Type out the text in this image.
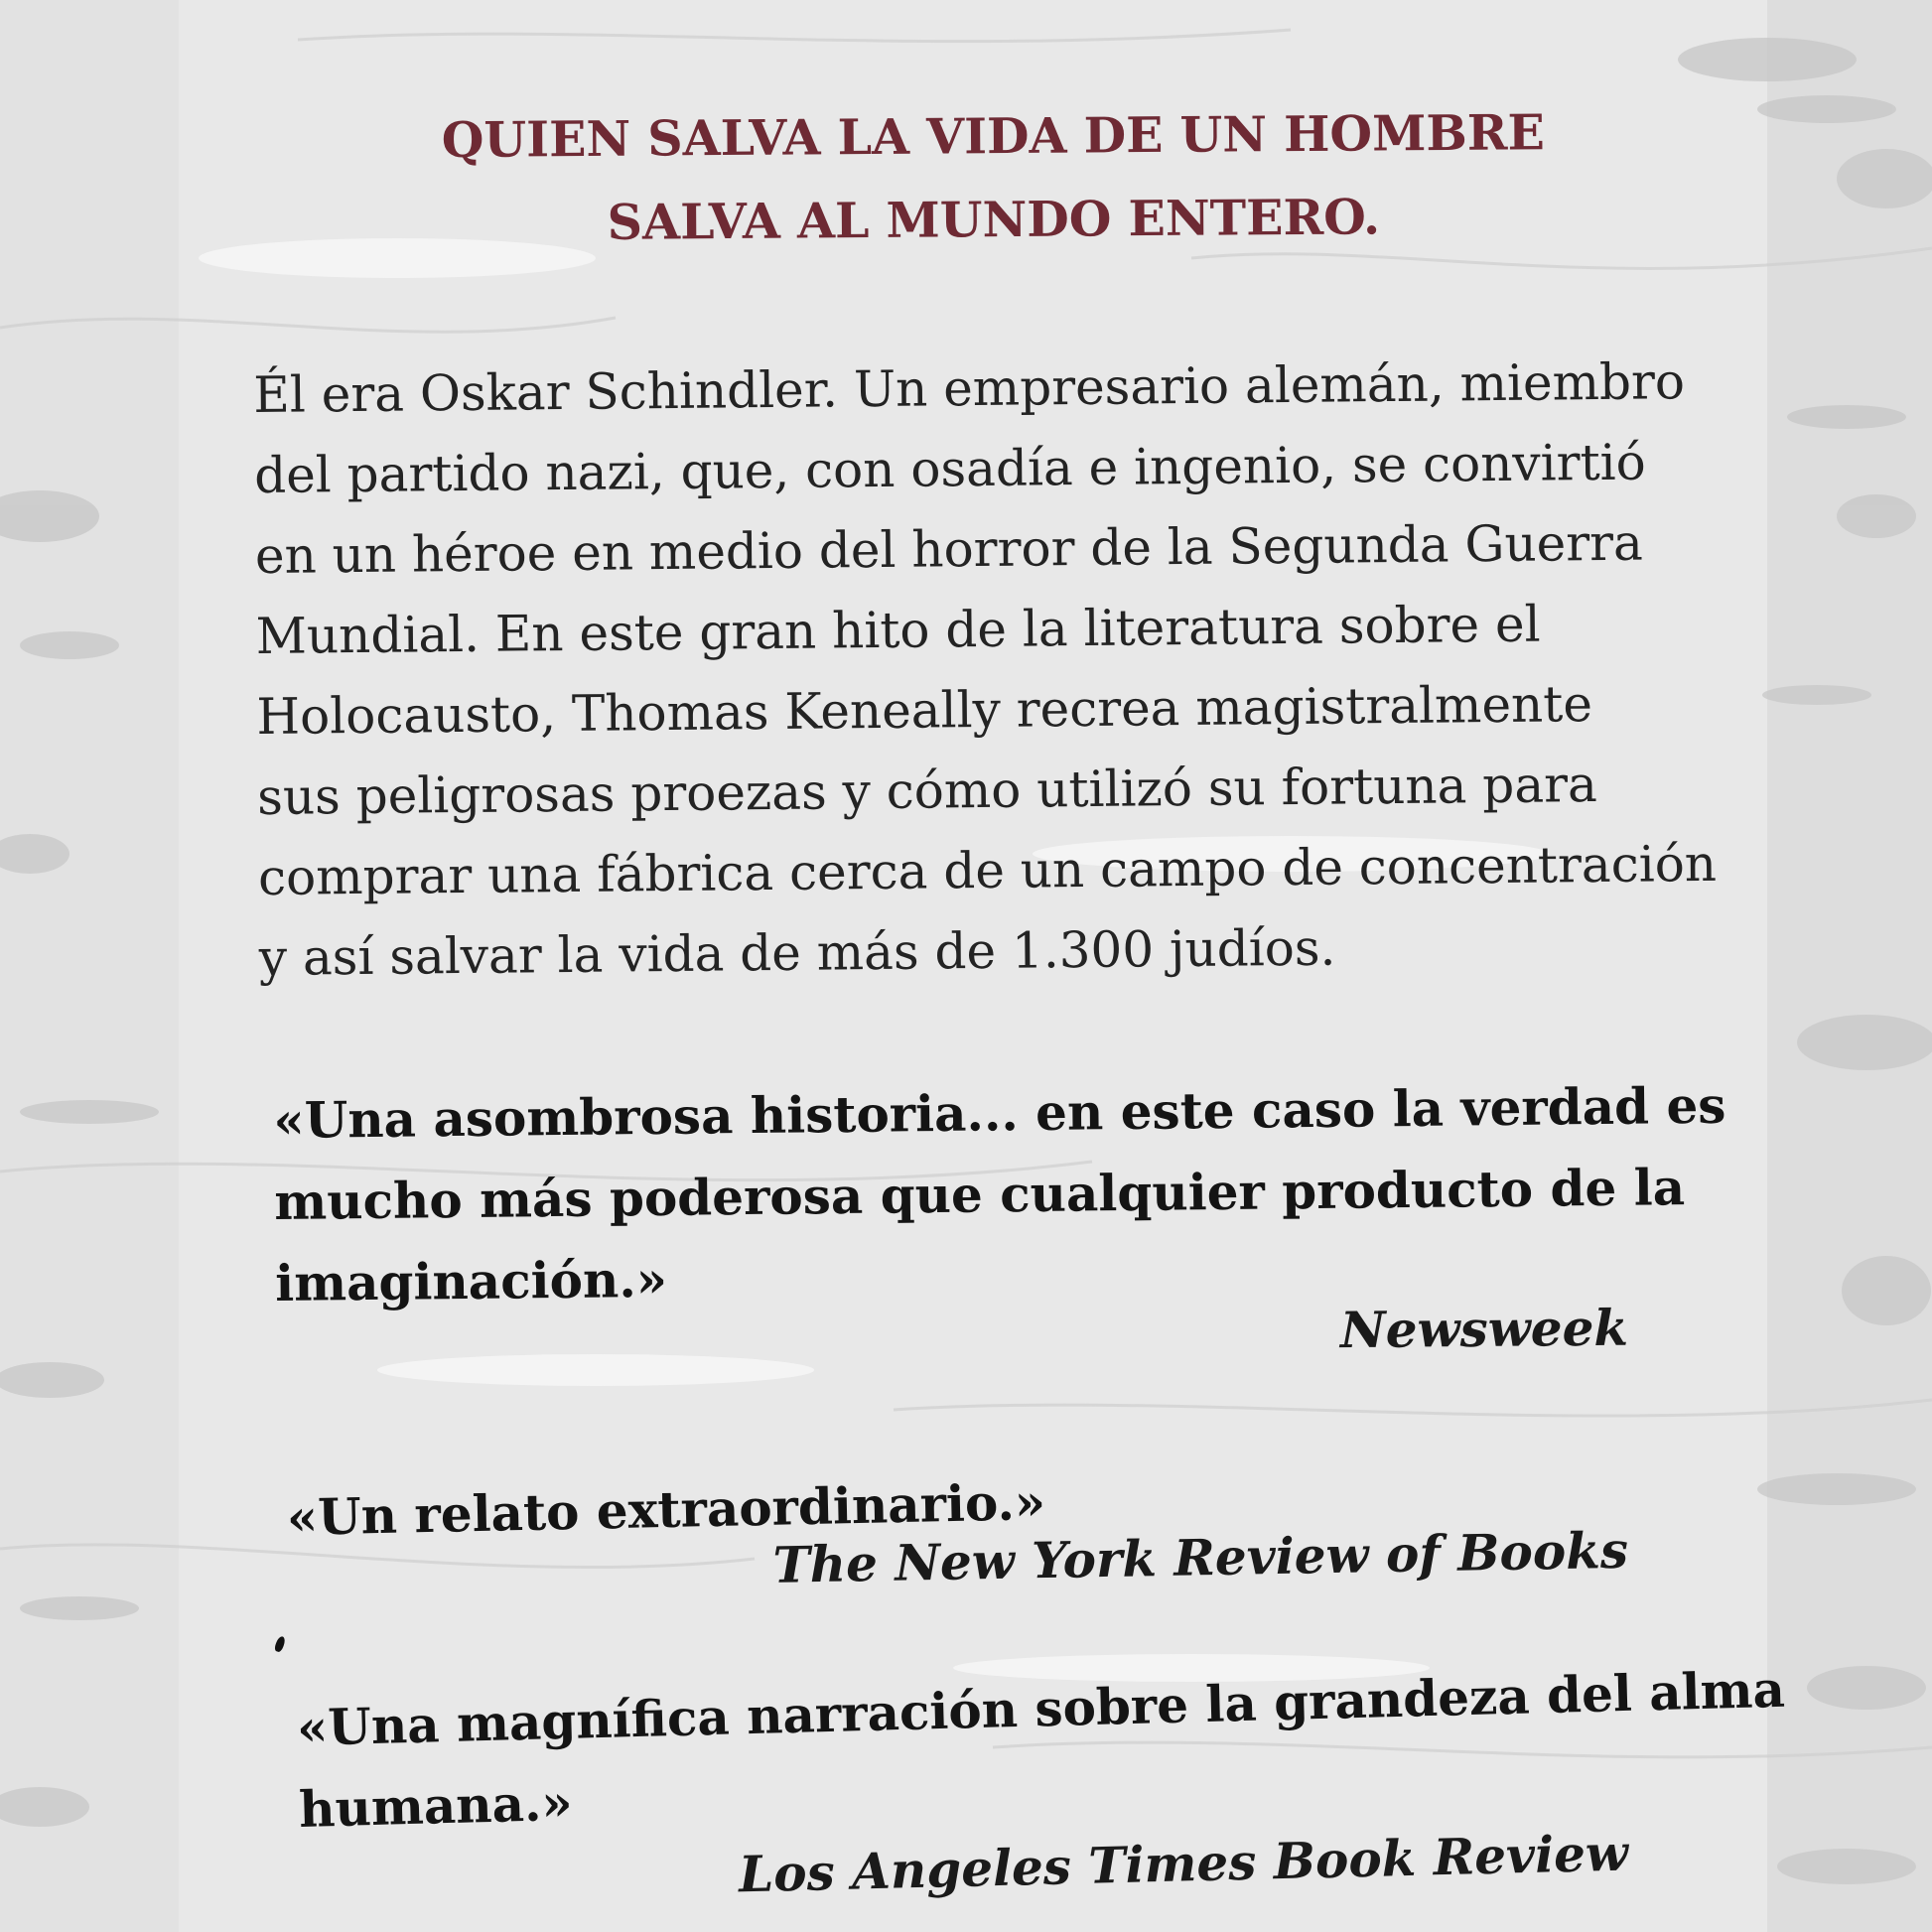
QUIEN SALVA LA VIDA DE UN HOMBRE
SALVA AL MUNDO ENTERO.
Él era Oskar Schindler. Un empresario alemán, miembro
del partido nazi, que, con osadía e ingenio, se convirtió
en un héroe en medio del horror de la Segunda Guerra
Mundial. En este gran hito de la literatura sobre el
Holocausto, Thomas Keneally recrea magistralmente
sus peligrosas proezas y cómo utilizó su fortuna para
comprar una fábrica cerca de un campo de concentración
y así salvar la vida de más de 1.300 judíos.
«Una asombrosa historia... en este caso la verdad es
mucho más poderosa que cualquier producto de la
imaginación.»
Newsweek
«Un relato extraordinario.»
The New York Review of Books
«Una magnífica narración sobre la grandeza del alma
humana.»
Los Angeles Times Book Review
